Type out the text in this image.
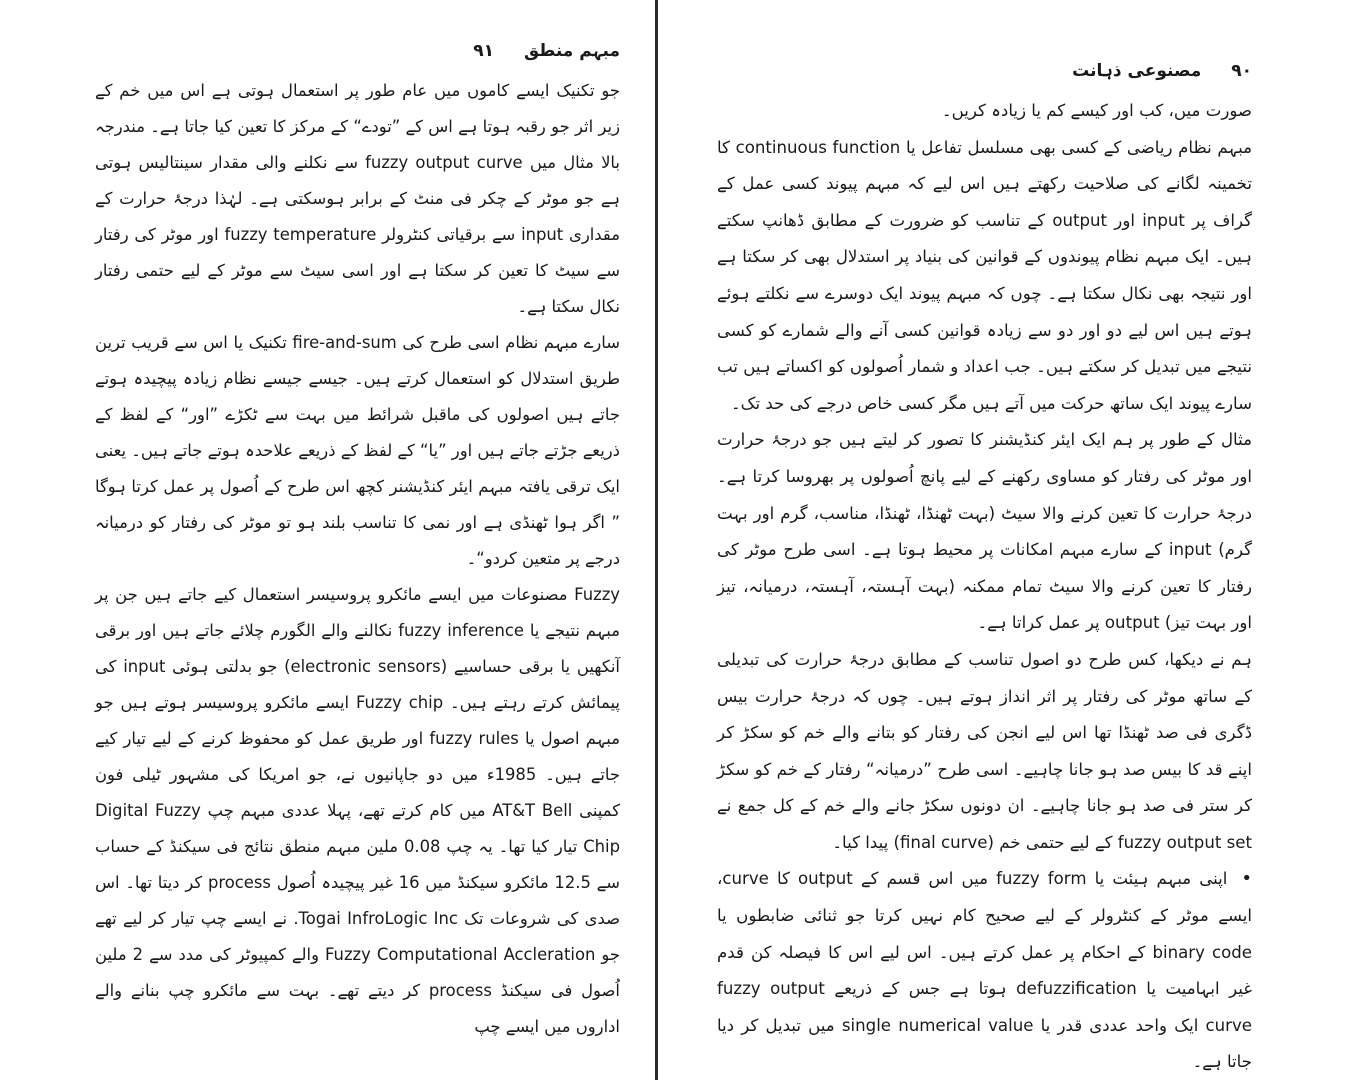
مبہم منطق
۹۱

جو تکنیک ایسے کاموں میں عام طور پر استعمال ہوتی ہے اس میں خم کے زیر اثر جو رقبہ ہوتا ہے اس کے ”تودے“ کے مرکز کا تعین کیا جاتا ہے۔ مندرجہ بالا مثال میں fuzzy output curve سے نکلنے والی مقدار سینتالیس ہوتی ہے جو موٹر کے چکر فی منٹ کے برابر ہوسکتی ہے۔ لہٰذا درجۂ حرارت کے مقداری input سے برقیاتی کنٹرولر fuzzy temperature اور موٹر کی رفتار سے سیٹ کا تعین کر سکتا ہے اور اسی سیٹ سے موٹر کے لیے حتمی رفتار نکال سکتا ہے۔

سارے مبہم نظام اسی طرح کی fire-and-sum تکنیک یا اس سے قریب ترین طریق استدلال کو استعمال کرتے ہیں۔ جیسے جیسے نظام زیادہ پیچیدہ ہوتے جاتے ہیں اصولوں کی ماقبل شرائط میں بہت سے ٹکڑے ”اور“ کے لفظ کے ذریعے جڑتے جاتے ہیں اور ”یا“ کے لفظ کے ذریعے علاحدہ ہوتے جاتے ہیں۔ یعنی ایک ترقی یافتہ مبہم ایئر کنڈیشنر کچھ اس طرح کے اُصول پر عمل کرتا ہوگا ” اگر ہوا ٹھنڈی ہے اور نمی کا تناسب بلند ہو تو موٹر کی رفتار کو درمیانہ درجے پر متعین کردو“۔

Fuzzy مصنوعات میں ایسے مائکرو پروسیسر استعمال کیے جاتے ہیں جن پر مبہم نتیجے یا fuzzy inference نکالنے والے الگورم چلائے جاتے ہیں اور برقی آنکھیں یا برقی حساسیے (electronic sensors) جو بدلتی ہوئی input کی پیمائش کرتے رہتے ہیں۔ Fuzzy chip ایسے مائکرو پروسیسر ہوتے ہیں جو مبہم اصول یا fuzzy rules اور طریق عمل کو محفوظ کرنے کے لیے تیار کیے جاتے ہیں۔ 1985ء میں دو جاپانیوں نے، جو امریکا کی مشہور ٹیلی فون کمپنی AT&T Bell میں کام کرتے تھے، پہلا عددی مبہم چپ Digital Fuzzy Chip تیار کیا تھا۔ یہ چپ 0.08 ملین مبہم منطق نتائج فی سیکنڈ کے حساب سے 12.5 مائکرو سیکنڈ میں 16 غیر پیچیدہ اُصول process کر دیتا تھا۔ اس صدی کی شروعات تک Togai InfroLogic Inc. نے ایسے چپ تیار کر لیے تھے جو Fuzzy Computational Accleration والے کمپیوٹر کی مدد سے 2 ملین اُصول فی سیکنڈ process کر دیتے تھے۔ بہت سے مائکرو چپ بنانے والے اداروں میں ایسے چپ

۹۰
مصنوعی ذہانت

صورت میں، کب اور کیسے کم یا زیادہ کریں۔

مبہم نظام ریاضی کے کسی بھی مسلسل تفاعل یا continuous function کا تخمینہ لگانے کی صلاحیت رکھتے ہیں اس لیے کہ مبہم پیوند کسی عمل کے گراف پر input اور output کے تناسب کو ضرورت کے مطابق ڈھانپ سکتے ہیں۔ ایک مبہم نظام پیوندوں کے قوانین کی بنیاد پر استدلال بھی کر سکتا ہے اور نتیجہ بھی نکال سکتا ہے۔ چوں کہ مبہم پیوند ایک دوسرے سے نکلتے ہوئے ہوتے ہیں اس لیے دو اور دو سے زیادہ قوانین کسی آنے والے شمارے کو کسی نتیجے میں تبدیل کر سکتے ہیں۔ جب اعداد و شمار اُصولوں کو اکساتے ہیں تب سارے پیوند ایک ساتھ حرکت میں آتے ہیں مگر کسی خاص درجے کی حد تک۔

مثال کے طور پر ہم ایک ایئر کنڈیشنر کا تصور کر لیتے ہیں جو درجۂ حرارت اور موٹر کی رفتار کو مساوی رکھنے کے لیے پانچ اُصولوں پر بھروسا کرتا ہے۔ درجۂ حرارت کا تعین کرنے والا سیٹ (بہت ٹھنڈا، ٹھنڈا، مناسب، گرم اور بہت گرم) input کے سارے مبہم امکانات پر محیط ہوتا ہے۔ اسی طرح موٹر کی رفتار کا تعین کرنے والا سیٹ تمام ممکنہ (بہت آہستہ، آہستہ، درمیانہ، تیز اور بہت تیز) output پر عمل کراتا ہے۔

ہم نے دیکھا، کس طرح دو اصول تناسب کے مطابق درجۂ حرارت کی تبدیلی کے ساتھ موٹر کی رفتار پر اثر انداز ہوتے ہیں۔ چوں کہ درجۂ حرارت بیس ڈگری فی صد ٹھنڈا تھا اس لیے انجن کی رفتار کو بتانے والے خم کو سکڑ کر اپنے قد کا بیس صد ہو جانا چاہیے۔ اسی طرح ”درمیانہ“ رفتار کے خم کو سکڑ کر ستر فی صد ہو جانا چاہیے۔ ان دونوں سکڑ جانے والے خم کے کل جمع نے fuzzy output set کے لیے حتمی خم (final curve) پیدا کیا۔

•اپنی مبہم ہیئت یا fuzzy form میں اس قسم کے output کا curve، ایسے موٹر کے کنٹرولر کے لیے صحیح کام نہیں کرتا جو ثنائی ضابطوں یا binary code کے احکام پر عمل کرتے ہیں۔ اس لیے اس کا فیصلہ کن قدم غیر ابہامیت یا defuzzification ہوتا ہے جس کے ذریعے fuzzy output curve ایک واحد عددی قدر یا single numerical value میں تبدیل کر دیا جاتا ہے۔
